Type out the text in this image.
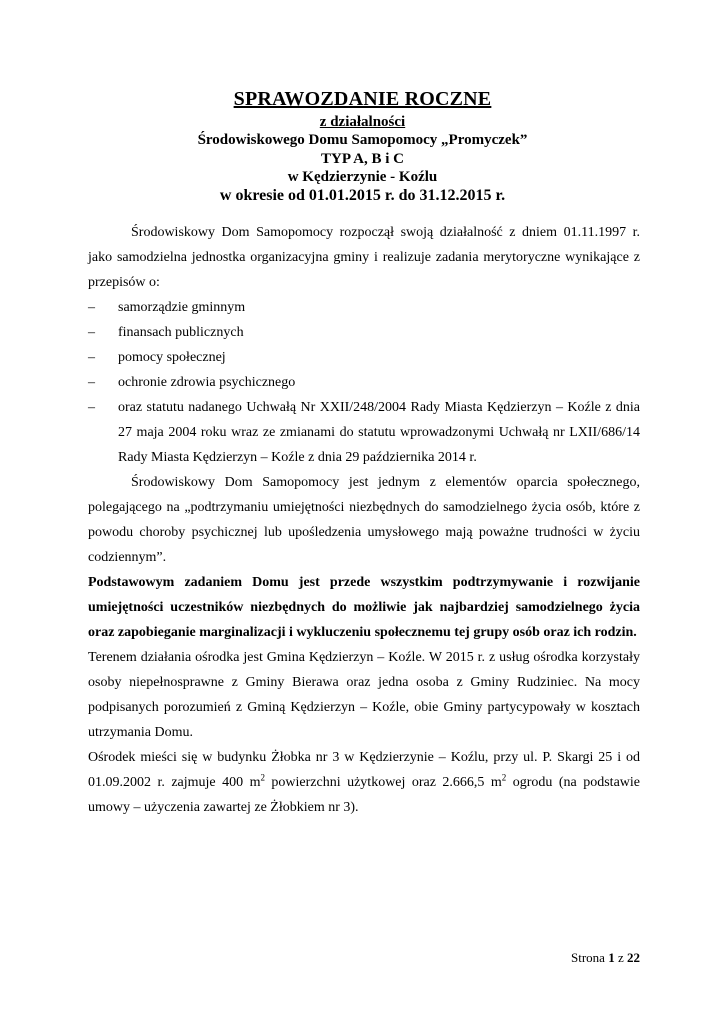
SPRAWOZDANIE ROCZNE
z działalności
Środowiskowego Domu Samopomocy „Promyczek”
TYP A, B i C
w Kędzierzynie - Koźlu
w okresie od 01.01.2015 r. do 31.12.2015 r.

Środowiskowy Dom Samopomocy rozpoczął swoją działalność z dniem 01.11.1997 r. jako samodzielna jednostka organizacyjna gminy i realizuje zadania merytoryczne wynikające z przepisów o:

– samorządzie gminnym
– finansach publicznych
– pomocy społecznej
– ochronie zdrowia psychicznego
– oraz statutu nadanego Uchwałą Nr XXII/248/2004 Rady Miasta Kędzierzyn – Koźle z dnia 27 maja 2004 roku wraz ze zmianami do statutu wprowadzonymi Uchwałą nr LXII/686/14 Rady Miasta Kędzierzyn – Koźle z dnia 29 października 2014 r.

Środowiskowy Dom Samopomocy jest jednym z elementów oparcia społecznego, polegającego na „podtrzymaniu umiejętności niezbędnych do samodzielnego życia osób, które z powodu choroby psychicznej lub upośledzenia umysłowego mają poważne trudności w życiu codziennym”.

Podstawowym zadaniem Domu jest przede wszystkim podtrzymywanie i rozwijanie umiejętności uczestników niezbędnych do możliwie jak najbardziej samodzielnego życia oraz zapobieganie marginalizacji i wykluczeniu społecznemu tej grupy osób oraz ich rodzin.

Terenem działania ośrodka jest Gmina Kędzierzyn – Koźle. W 2015 r. z usług ośrodka korzystały osoby niepełnosprawne z Gminy Bierawa oraz jedna osoba z Gminy Rudziniec. Na mocy podpisanych porozumień z Gminą Kędzierzyn – Koźle, obie Gminy partycypowały w kosztach utrzymania Domu.

Ośrodek mieści się w budynku Żłobka nr 3 w Kędzierzynie – Koźlu, przy ul. P. Skargi 25 i od 01.09.2002 r. zajmuje 400 $m^2$ powierzchni użytkowej oraz 2.666,5 $m^2$ ogrodu (na podstawie umowy – użyczenia zawartej ze Żłobkiem nr 3).

Strona 1 z 22
